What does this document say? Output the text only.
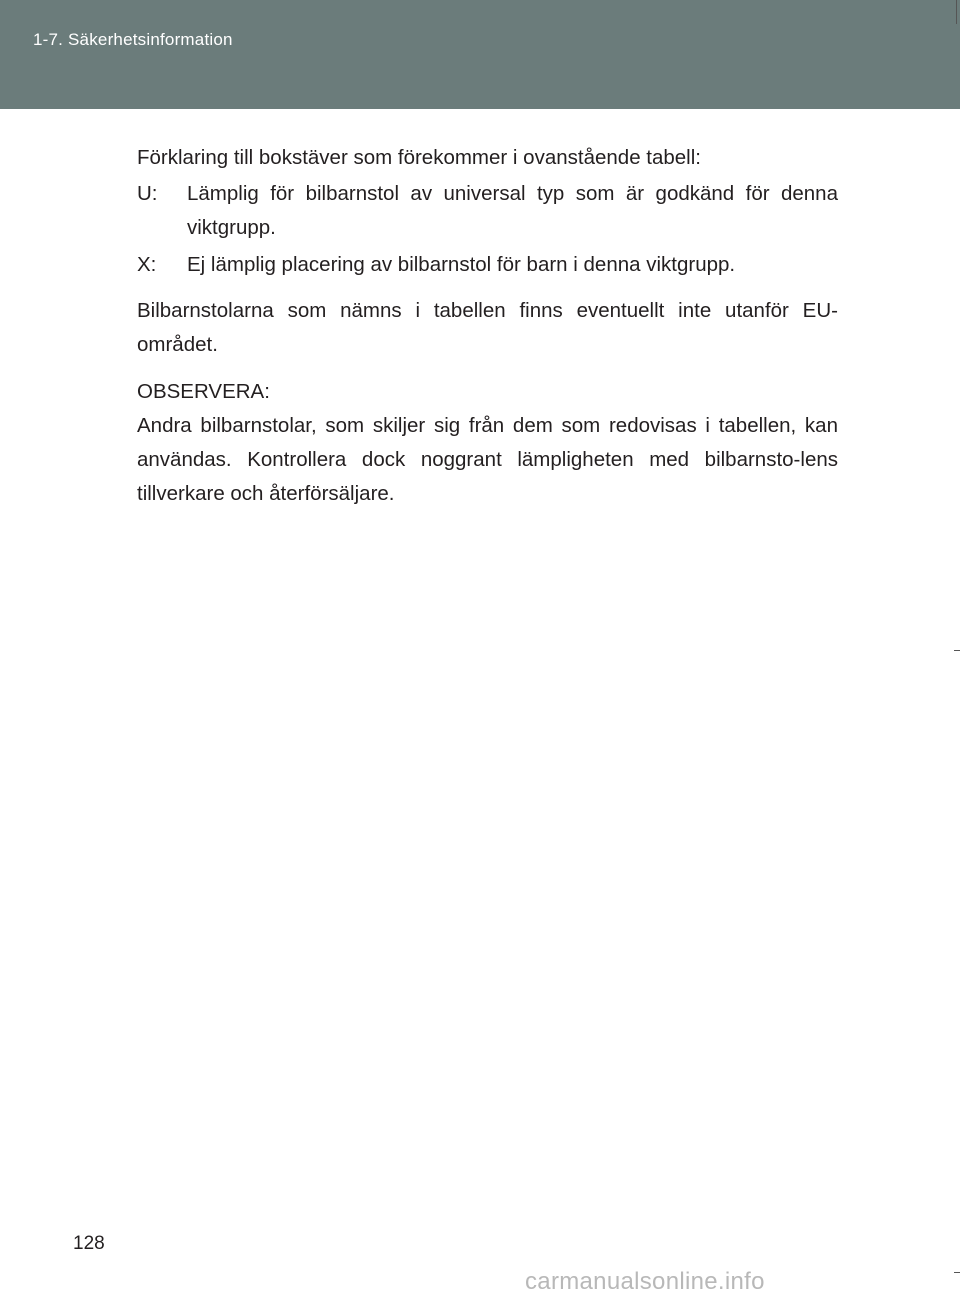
1-7. Säkerhetsinformation

Förklaring till bokstäver som förekommer i ovanstående tabell:

U:	Lämplig för bilbarnstol av universal typ som är godkänd för denna viktgrupp.
X:	Ej lämplig placering av bilbarnstol för barn i denna viktgrupp.

Bilbarnstolarna som nämns i tabellen finns eventuellt inte utanför EU-området.

OBSERVERA:

Andra bilbarnstolar, som skiljer sig från dem som redovisas i tabellen, kan användas. Kontrollera dock noggrant lämpligheten med bilbarnsto-lens tillverkare och återförsäljare.

128
carmanualsonline.info
